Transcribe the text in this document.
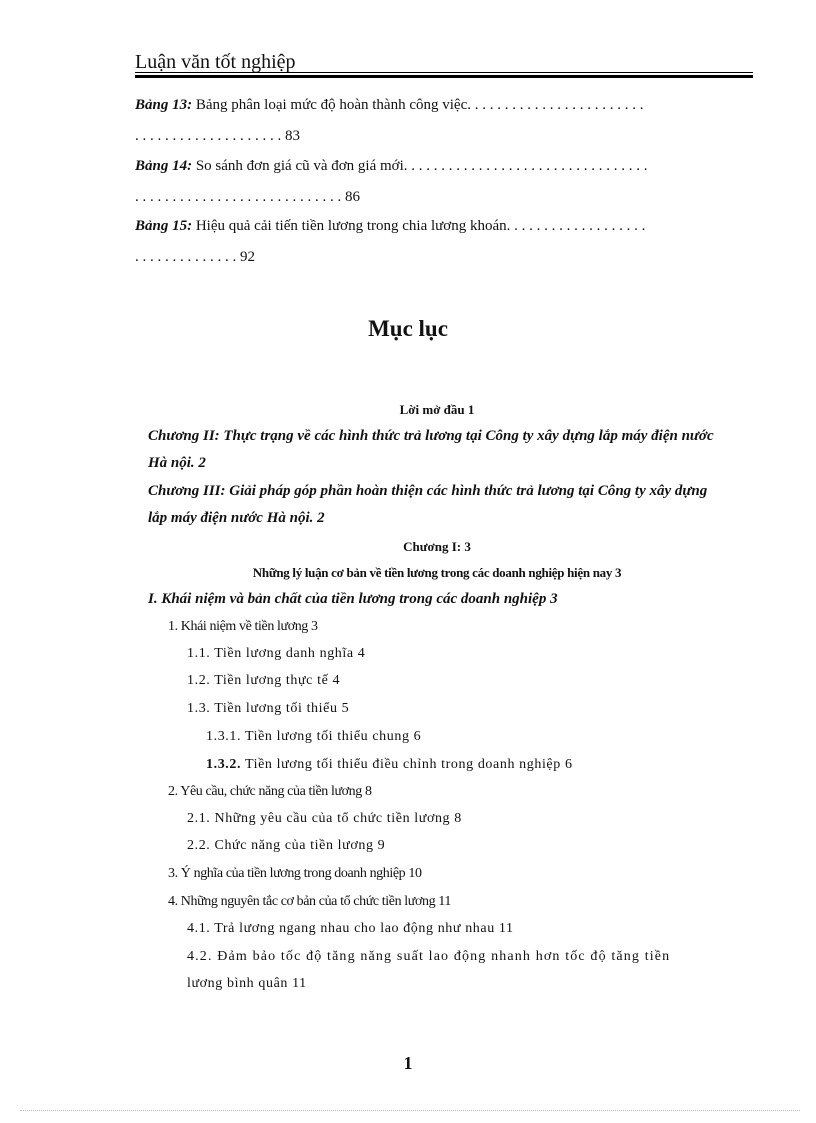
Luận văn tốt nghiệp
Bảng 13: Bảng phân loại mức độ hoàn thành công việc. . . . . . . . . . . . . . . . . . . . . . . .
. . . . . . . . . . . . . . . . . . . . 83
Bảng 14: So sánh đơn giá cũ và đơn giá mới. . . . . . . . . . . . . . . . . . . . . . . . . . . . . . . . .
. . . . . . . . . . . . . . . . . . . . . . . . . . . . 86
Bảng 15: Hiệu quả cải tiến tiền lương trong chia lương khoán. . . . . . . . . . . . . . . . . . .
. . . . . . . . . . . . . . 92
Mục lục
Lời mở đầu 1
Chương II: Thực trạng về các hình thức trả lương tại Công ty xây dựng lắp máy điện nước
Hà nội. 2
Chương III: Giải pháp góp phần hoàn thiện các hình thức trả lương tại Công ty xây dựng
lắp máy điện nước Hà nội. 2
Chương I: 3
Những lý luận cơ bản về tiền lương trong các doanh nghiệp hiện nay 3
I. Khái niệm và bản chất của tiền lương trong các doanh nghiệp 3
1. Khái niệm về tiền lương 3
1.1. Tiền lương danh nghĩa 4
1.2. Tiền lương thực tế 4
1.3. Tiền lương tối thiểu 5
1.3.1. Tiền lương tối thiểu chung 6
1.3.2. Tiền lương tối thiểu điều chỉnh trong doanh nghiệp 6
2. Yêu cầu, chức năng của tiền lương 8
2.1. Những yêu cầu của tổ chức tiền lương 8
2.2. Chức năng của tiền lương 9
3. Ý nghĩa của tiền lương trong doanh nghiệp 10
4. Những nguyên tắc cơ bản của tổ chức tiền lương 11
4.1. Trả lương ngang nhau cho lao động như nhau 11
4.2. Đảm bảo tốc độ tăng năng suất lao động nhanh hơn tốc độ tăng tiền
lương bình quân 11
1
